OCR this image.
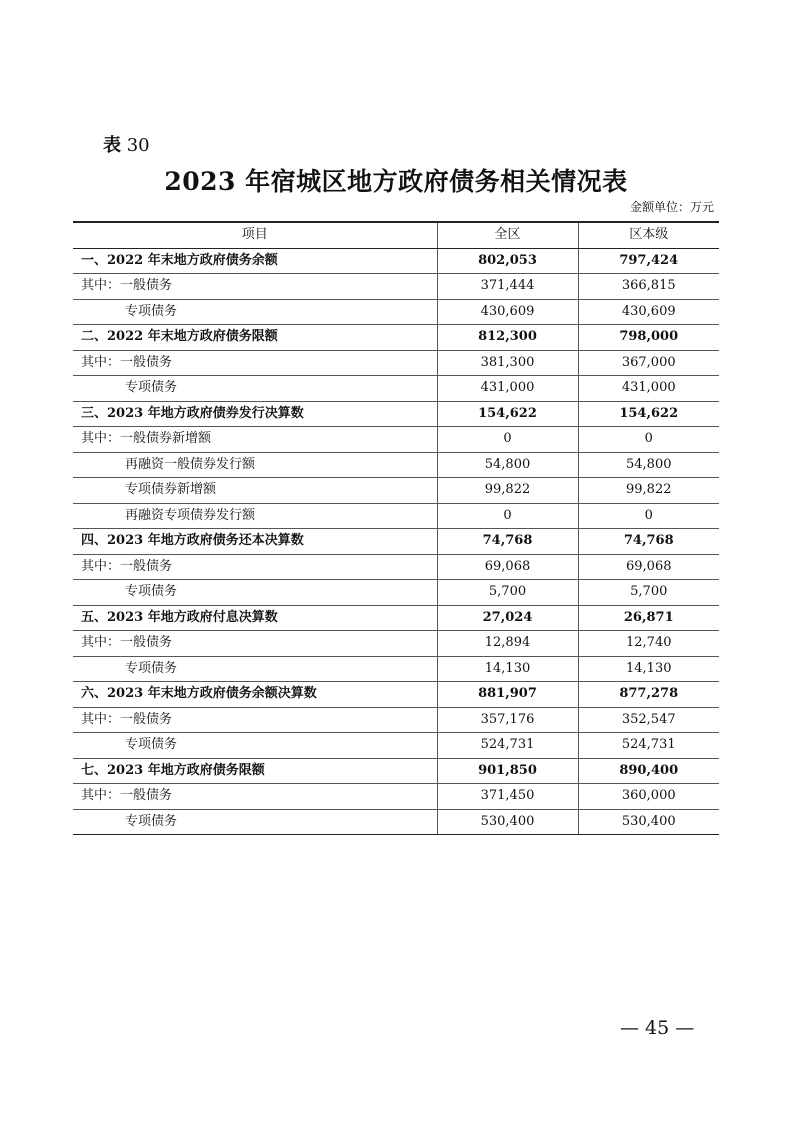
表 30
2023 年宿城区地方政府债务相关情况表
金额单位：万元
项目	全区	区本级
一、2022 年末地方政府债务余额	802,053	797,424
其中：一般债务	371,444	366,815
专项债务	430,609	430,609
二、2022 年末地方政府债务限额	812,300	798,000
其中：一般债务	381,300	367,000
专项债务	431,000	431,000
三、2023 年地方政府债券发行决算数	154,622	154,622
其中：一般债券新增额	0	0
再融资一般债券发行额	54,800	54,800
专项债券新增额	99,822	99,822
再融资专项债券发行额	0	0
四、2023 年地方政府债务还本决算数	74,768	74,768
其中：一般债务	69,068	69,068
专项债务	5,700	5,700
五、2023 年地方政府付息决算数	27,024	26,871
其中：一般债务	12,894	12,740
专项债务	14,130	14,130
六、2023 年末地方政府债务余额决算数	881,907	877,278
其中：一般债务	357,176	352,547
专项债务	524,731	524,731
七、2023 年地方政府债务限额	901,850	890,400
其中：一般债务	371,450	360,000
专项债务	530,400	530,400
— 45 —
